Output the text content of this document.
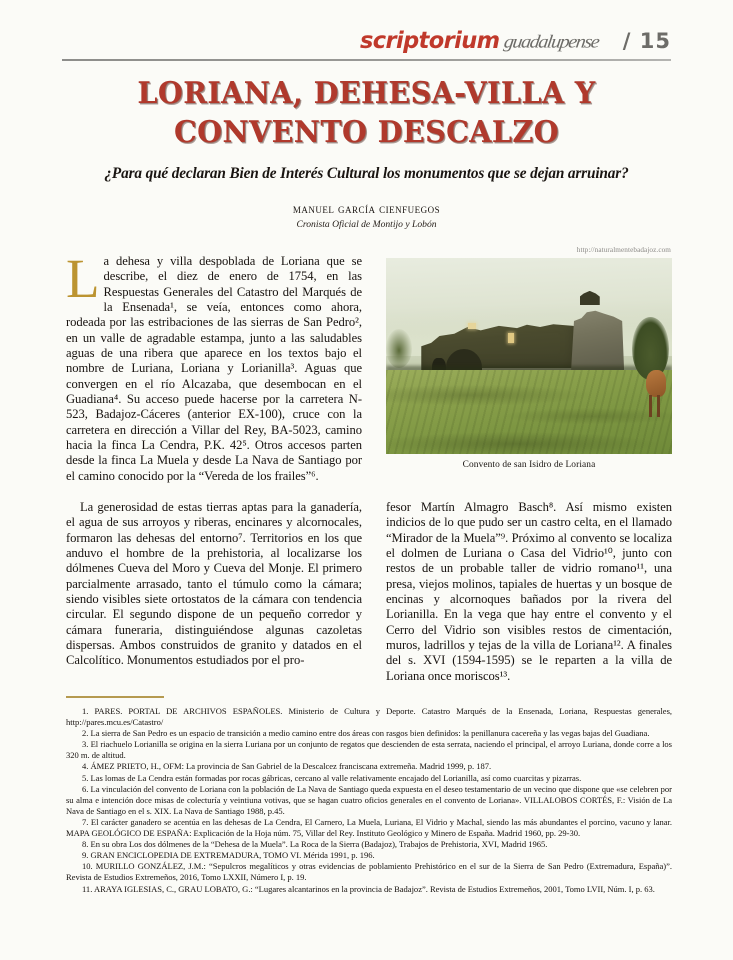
scriptorium guadalupense / 15
LORIANA, DEHESA-VILLA Y
CONVENTO DESCALZO
¿Para qué declaran Bien de Interés Cultural los monumentos que se dejan arruinar?
manuel garcía cienfuegos
Cronista Oficial de Montijo y Lobón
http://naturalmentebadajoz.com
Convento de san Isidro de Loriana

La dehesa y villa despoblada de Loriana que se describe, el diez de enero de 1754, en las Respuestas Generales del Catastro del Marqués de la Ensenada¹, se veía, entonces como ahora, rodeada por las estribaciones de las sierras de San Pedro², en un valle de agradable estampa, junto a las saludables aguas de una ribera que aparece en los textos bajo el nombre de Luriana, Loriana y Lorianilla³. Aguas que convergen en el río Alcazaba, que desembocan en el Guadiana⁴. Su acceso puede hacerse por la carretera N-523, Badajoz-Cáceres (anterior EX-100), cruce con la carretera en dirección a Villar del Rey, BA-5023, camino hacia la finca La Cendra, P.K. 42⁵. Otros accesos parten desde la finca La Muela y desde La Nava de Santiago por el camino conocido por la “Vereda de los frailes”⁶.

La generosidad de estas tierras aptas para la ganadería, el agua de sus arroyos y riberas, encinares y alcornocales, formaron las dehesas del entorno⁷. Territorios en los que anduvo el hombre de la prehistoria, al localizarse los dólmenes Cueva del Moro y Cueva del Monje. El primero parcialmente arrasado, tanto el túmulo como la cámara; siendo visibles siete ortostatos de la cámara con tendencia circular. El segundo dispone de un pequeño corredor y cámara funeraria, distinguiéndose algunas cazoletas dispersas. Ambos construidos de granito y datados en el Calcolítico. Monumentos estudiados por el pro-

1. PARES. PORTAL DE ARCHIVOS ESPAÑOLES. Ministerio de Cultura y Deporte. Catastro Marqués de la Ensenada, Loriana, Respuestas generales, http://pares.mcu.es/Catastro/

2. La sierra de San Pedro es un espacio de transición a medio camino entre dos áreas con rasgos bien definidos: la penillanura cacereña y las vegas bajas del Guadiana.

3. El riachuelo Lorianilla se origina en la sierra Luriana por un conjunto de regatos que descienden de esta serrata, naciendo el principal, el arroyo Luriana, donde corre a los 320 m. de altitud.

4. ÁMEZ PRIETO, H., OFM: La provincia de San Gabriel de la Descalcez franciscana extremeña. Madrid 1999, p. 187.

5. Las lomas de La Cendra están formadas por rocas gábricas, cercano al valle relativamente encajado del Lorianilla, así como cuarcitas y pizarras.

6. La vinculación del convento de Loriana con la población de La Nava de Santiago queda expuesta en el deseo testamentario de un vecino que dispone que «se celebren por su alma e intención doce misas de colecturía y veintiuna votivas, que se hagan cuatro oficios generales en el convento de Loriana». VILLALOBOS CORTÉS, F.: Visión de La Nava de Santiago en el s. XIX. La Nava de Santiago 1988, p.45.

7. El carácter ganadero se acentúa en las dehesas de La Cendra, El Carnero, La Muela, Luriana, El Vidrio y Machal, siendo las más abundantes el porcino, vacuno y lanar. MAPA GEOLÓGICO DE ESPAÑA: Explicación de la Hoja núm. 75, Villar del Rey. Instituto Geológico y Minero de España. Madrid 1960, pp. 29-30.

8. En su obra Los dos dólmenes de la “Dehesa de la Muela”. La Roca de la Sierra (Badajoz), Trabajos de Prehistoria, XVI, Madrid 1965.

9. GRAN ENCICLOPEDIA DE EXTREMADURA, TOMO VI. Mérida 1991, p. 196.

10. MURILLO GONZÁLEZ, J.M.: “Sepulcros megalíticos y otras evidencias de poblamiento Prehistórico en el sur de la Sierra de San Pedro (Extremadura, España)”. Revista de Estudios Extremeños, 2016, Tomo LXXII, Número I, p. 19.

11. ARAYA IGLESIAS, C., GRAU LOBATO, G.: “Lugares alcantarinos en la provincia de Badajoz”. Revista de Estudios Extremeños, 2001, Tomo LVII, Núm. I, p. 63.

fesor Martín Almagro Basch⁸. Así mismo existen indicios de lo que pudo ser un castro celta, en el llamado “Mirador de la Muela”⁹. Próximo al convento se localiza el dolmen de Luriana o Casa del Vidrio¹⁰, junto con restos de un probable taller de vidrio romano¹¹, una presa, viejos molinos, tapiales de huertas y un bosque de encinas y alcornoques bañados por la rivera del Lorianilla. En la vega que hay entre el convento y el Cerro del Vidrio son visibles restos de cimentación, muros, ladrillos y tejas de la villa de Loriana¹². A finales del s. XVI (1594-1595) se le reparten a la villa de Loriana once moriscos¹³.
